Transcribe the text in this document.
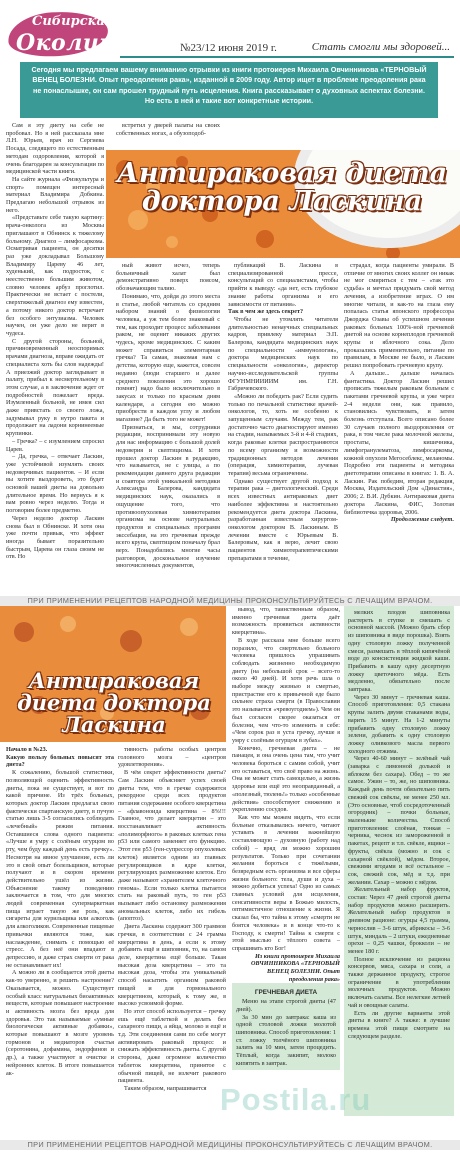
Сибирская
Околица	№23/12 июня 2019 г.	Стать смогли мы здоровей...
Сегодня мы предлагаем вашему вниманию отрывки из книги протоиерея Михаила Овчинникова «ТЕРНОВЫЙ ВЕНЕЦ БОЛЕЗНИ. Опыт преодоления рака», изданной в 2009 году. Автор ищет в проблеме преодоления рака не понаслышке, он сам прошел трудный путь исцеления. Книга рассказывает о духовных аспектах болезни. Но есть в ней и такие вот конкретные истории.

Сам я эту диету на себе не пробовал. Но я ней рассказала мне Л.Н. Юрьев, врач из Сергиева Посада, следящего по естественным методам оздоровления, которой я очень благодарен за консультации по медицинской части книги.

На сайте журнала «Физкультура и спорт» помещен интересный материал Владимира Добкина. Предлагаю небольшой отрывок из него.

«Представьте себе такую картину: врача-онколога из Москвы приглашают в Обнинск к тяжелому больному. Диагноз – лимфосаркома. Осматривая пациента, он десятки раз уже докладывал Большому Владимиру Цареву 46 лет, худенький, как подросток, с неестественно большим животом, словно человек арбуз проглотил. Практически не встает с постели, сверхтяжелый диагноз ему известен, а потому никого доктор встречает без особого энтузиазма. Человек научен, он уже дело не верит в чудеса.

С другой стороны, больной, причиновременный неоспоримых врачами диагноза, вправе ожидать от специалиста хоть бы слов надежды! А приезжий доктор заглядывает в палату, прибыл к несмертельному в этом случае, а в заключение ждет от подробностей пожелает вреда. Изумленный больной, не имея сил даже привстать со своего ложа, задумывал руку в нутро пакета и продолжает на ладони корнинеемые крупинки.

– Гречка? – с изумлением спросил Царев.

– Да, гречка, – отвечает Ласкин, уже устойчивой изумлять своих недоверчивых пациентов. – И если вы хотите выздороветь, это будет основой вашей диеты на довольно длительное время. Но вернусь я к вам ровно через неделю. Тогда и поговорим более предметно.

Через неделю доктор Ласкин снова был в Обнинске. И хотя она уже почти привык, что эффект иногда бывает поразительно быстрым, Царева он глаза своим не отв. Но

встретил у дверей палаты на своих собственных ногах, а обузоподоб-

Антираковая диета доктора Ласкина

ный живот исчез, теперь больничный халат был демонстративно поверх поясом, обозначающим талию.

Понимаю, что, дойдя до этого места в статье, любой читатель со средним набором знаний о физиологии человека, а уж тем более знакомый с тем, как проходит процесс заболевания раком, не оценит никаких других чудесь, кроме медицинских. С каким может справиться элементарная гречка? Та самая, знакомая нам с детства, которую еще, кажется, совсем недавно (люди старшего и далее среднего поколения это хорошо помнят) надо было исключительно в закусах и только по красным дням календаря, а сегодня ею можно приобрести в каждом углу и любом магазине? Да быть того не может!

Признаться, и мы, сотрудники редакции, воспринимали эту новую для нас информацию с большой долей недоверия и скептицизма. И хотя прошел доктор Ласкин в редакцию, что называется, не с улицы, а по рекомендации давнего друга редакции и соавтора этой уникальной методики Александра Балерова, кандидата медицинских наук, оказались в ощущение того, что противоопухолевая химиотерапия организма на основе натуральных продуктов и специальных программ экссебации, на это гречневая прежде всего крупа, скептицизм поначалу брал верх. Понадобились многие часы разговоров, доскональное изучение многочисленных документов,

публикаций В. Ласкина в специализированной прессе, консультаций со специалистами, чтобы прийти к выводу: «да нет, есть глубокое знание работы организма и его зависимости от питания».

Так в чем же здесь секрет?

Чтобы не утомлять читателя длительностью ненаучных специальных кадров, привлеку материал Э.П. Балерова, кандидата медицинских наук по специальности «иммунология», доктора медицинских наук по специальности «онкология», директор научно-исследовательской группы ФГУНМНИИИИМ им. Г.Н. Габричевского.

«Можно ли победить рак? Если судить только по печальной статистике врачей-онкологов, то, хоть не особенно к запущенным случаям. Между тем, рак достаточно часто диагностируют именно на стадии, называемых 3-й и 4-й стадиях, когда раковые клетки распространяются по всему организму и возможности традиционных методов лечения (операция, химиотерапия, лучевая терапия) весьма ограниченны.

Однако существует другой подход к терапии рака – диетологический. Среди всех известных антираковых диет наиболее эффективна и настоятельно рекомендуется диета доктора Ласкина, разработанная известным хирургом-онкологом доктором В. Ласкиным. В лечении вместе с Юрьевым В. Балеровым, как я верю, лечит свою пациентов химиотерапевтическими препаратами в течение,

страдал, когда пациенты умирали. В отличие от многих своих коллег он никак не мог смириться с тем – «так это судьба» и мечтал придумать свой метод лечения, а изобретение играх. О им многие читали, и как-то на глаза ему попалась статья японского профессора Джорджа Озавы об успешном лечении раковых больных 100%-ной гречневой диетой на основе корнеплодов гречневой крупы и яблочного сока. Дело проказались применительно, питание по правилам, в Москве не было, и Ласкин решил попробовать гречневую крупу.

А дальше... дальше началась фантастика. Доктор Ласкин решил прописать тяжелым раковым больным с пакетами гречневой крупы, и уже через 2-4 недели они, как правило, становились чувствовать, и затем болезнь отступала. Всего описано более 30 случаев полного выздоровления от рака, в том числе рака молочной железы, простаты, кишечника, лимфогранулематоза, лимфосаркомы, кожной опухоли Мегосеблекс, меланомы. Подробно эти пациенты и методика диетотерапии описаны в книгах: 1. В. А. Ласкин. Рак победим, вторая редакция, Москва, Издательский Дом «Династия», 2006; 2. В.И. Дубкин. Антираковая диета доктора Ласкина, ФИС, Золотая библиотечка здоровья, 2006.

Продолжение следует.

ПРИ ПРИМЕНЕНИИ РЕЦЕПТОВ НАРОДНОЙ МЕДИЦИНЫ ПРОКОНСУЛЬТИРУЙТЕСЬ С ЛЕЧАЩИМ ВРАЧОМ.
Антираковая диета доктора Ласкина

Начало в №23.

Какую пользу больных повысят эта диета?

К сожалению, большой статистики, позволяющей оценить эффективность диеты, пока не существует, и вот по какой причине. Из трёх больных, которых доктор Ласкин предлагал свою фактически спартанскую диету, в пучую статью лишь 3-5 согласились соблюдать «лечебный» режим питания. Оставшиеся слова одного пациента: «Лучше я умру с солёным огурцом во рту, чем буду каждый день есть гречку». Несмотря на явное улучшение, есть ли это в свой опыт болельщиков, которые получают и в скором времени действительно ушёл из жизни. Объяснение такому поведению заключается в том, что для многих людей современная супермаркетная пища играет такую же роль, как сигареты для курильщика или алкоголь для алкоголиков. Современные пищевые привычки являются тоже, как наслаждение, снимать с помощью её стресс. А без неё они впадают в депрессию, и даже страх смерти от рака не останавливает их!

А можно ли в сообщается этой диеты как-то уверенно, и решить настроение? Оказывается, можно. Существует особый класс натуральных биоактивных веществ, которые повышают настроение и активность мозга без вреда для здоровья. Это так называемые «умные биологически активные добавки», которые повышают в мозге уровень гормонов и медиаторов счастья (серотонина, дофамина, эндорфинов и др.), а также участвуют в очистке и нейроннях клеток. В итоге повышается ак-

тивность работы особых центров головного мозга – «центров удовлетворения».

В чём секрет эффективности диеты? Сам Ласкин объясняет успех своей диеты тем, что в гречке содержится рекордное среди всех продуктов питания содержание особого кверцетина – «флавоноида кверцетина – 8%!!! Главное, что делает кверцетин – это восстанавливает активность «полиморфного» в раковых клетках гена р53 или самого заменяет его функцию. Этот ген р53 (ген-супрессор опухолевых клеток) является одним из главных регулировщиков в ядре клетки, регулирующих размножение клеток. Его даже называют «хранителем клеточного генома». Если только клетка пытается стать на раковый путь, то ген р53 вызывает либо остановку размножения аномальных клеток, либо их гибель (апоптоз).

Диета Ласкина содержит 300 граммов гречки, в соответствии с 24 грамма кверцетина в день, а если к этому добавить ещё и шиповник, то, на самом деле, кверцетина ещё больше. Такая высокая доза кверцетина – это та высокая доза, чтобы эта уникальный способ насытить организм раковой пищей и для гормонального кверцетином, который, к тому же, в высоко усвоимой форме.

Но этот способ используется – гречку ешь ещё таблеткой и делать без сахарного пищи, а яйца, молоко и ещё и т.д. Эти соединения сами по себе могут активировать раковый процесс и снижать эффективность диеты. С другой стороны, даже огромное количество таблеток кверцетина, принятое с обычной пищей, не излечит ракового пациента.

Таким образом, напрашивается

вывод, что, таинственным образом, именно гречневая диета даёт возможность проявиться активности кверцетина».

В ходе рассказа мне больше всего поразило, что смертельно больного человека пришлось упрашивать соблюдать жизненно необходимую диету (на небольшой срок – всего-то около 40 дней). И хотя речь шла о выборе между жизнью и смертью, пристрастие его к привычной еде было сильнее страха смерти (в Православии это называется «чревоугодием»). Чем он был согласен скорее оказаться от болезни, чем что-то изменить в себе: «Чем сорок раз в уста гречку, лучше я умру с солёным огурцом в зубах».

Конечно, гречневая диета – не панацея, и она очень цена там, что учит человека бороться с самим собой, учит его оставаться, что своё право на жизнь. Она не может стать самоцелью, а жизнь здоровье или ещё это неоправданный, а «полезный, тюлень!» только «особенные действия» способствуют снижению и укреплению сосудов.

Как что мы можем видеть, что если больные отказывались ничего, читают уставать в лечении важнейшую составляющую – духовную (работу над собой) – вряд ли можно хорошим результатов. Только при сочетании желания бороться с тяжёлыми, безвредным есть организма и все сферы жизни больного: тела, души и духа – можно добиться успеха! Одно из самых главных условий для исцеления, сенсативности веры в Божью милость, оптимистичное отношение к жизни. Я сказал бы, что тайна к этому «смерти не боятся человека» и в конце что-то к Господу, к смерти! Тайна к смерти с этой мыслью с тёплого совета – спрашивать кто Бог!

Из книги протоиерея Михаила ОВЧИННИКОВА «ТЕРНОВЫЙ ВЕНЕЦ БОЛЕЗНИ. Опыт преодоления рака»

ГРЕЧНЕВАЯ ДИЕТА

Меню на этапе строгой диеты (47 дней).

За 30 мин до завтрака: каша из одной столовой ложки молотой шиповника. Способ приготовления: 1 ст. ложку толчёного шиповника залить на 10 мин, затем процедить. Тёплый, когда закипит, молоко кипятить в завтрак.

мелких плодов шиповника растереть в ступке и смешать с основной массой. (Можно брать сбор из шиповника в виде порошка). Взять одну столовую ложку полученной смеси, размешать в тёплой кипячёной воде до консистенции жидкой каши. Прибавить в кашу одну десертную ложку цветочного мёда. Есть медленно, обязательно после завтрака.

Через 30 минут – гречневая каша. Способ приготовления: 0,5 стакана крупы залить двумя стаканами воды, варить 15 минут. На 1-2 минуты прибавить одну столовую ложку зелени, добавить к одну столовую ложку оливкового масла первого холодного отжима.

Через 40-60 минут – зелёный чай (заварка с лимонной долькой и яблоком без сахара). Обед – то же самое. Ужин – то, же, но шиповника. Каждый день почти обязательно пить свежий сок свёклы, не менее 250 мл. (Это основные, чтоб сосредоточенный огородник) – почки больные, маленькие количества. Способ приготовления: слоёная, тонкая – черника, чеснок из замороженной в пакетах, рецепт и т.п. свёкле, ящики – фрукты, свёкла (можно и сок с сахарной свёклой), мёдом. Второе, свежими ягодами и всё остальное – сок, свежий сок, мёд и т.д. при желании. Сахар – можно с мёдом.

Желательный набор фруктов, состав: Через 47 дней строгой диеты набор продуктов можно расширить. Желательный набор продуктов в дневном рационе: огурцы 4,5 грамма, чернослив – 3-6 штук, абрикосы – 3-6 штук, миндаль – 2 штуки, ежедневные орехи – 0,25 чашки, брокколи – не менее 180 г.

Полное исключение из рациона консервов, мяса, сахара и соли, а также держанное продукту, строгое ограничение в употреблении молочных продуктов. Можно включать салаты. Все нелегкие летней чай и овощные салаты.

Есть ли другие варианты этой диеты в книге? А также: в лучшие времена этой пищи смотрите на следующем разделе.

Postila.ru
ПРИ ПРИМЕНЕНИИ РЕЦЕПТОВ НАРОДНОЙ МЕДИЦИНЫ ПРОКОНСУЛЬТИРУЙТЕСЬ С ЛЕЧАЩИМ ВРАЧОМ.
